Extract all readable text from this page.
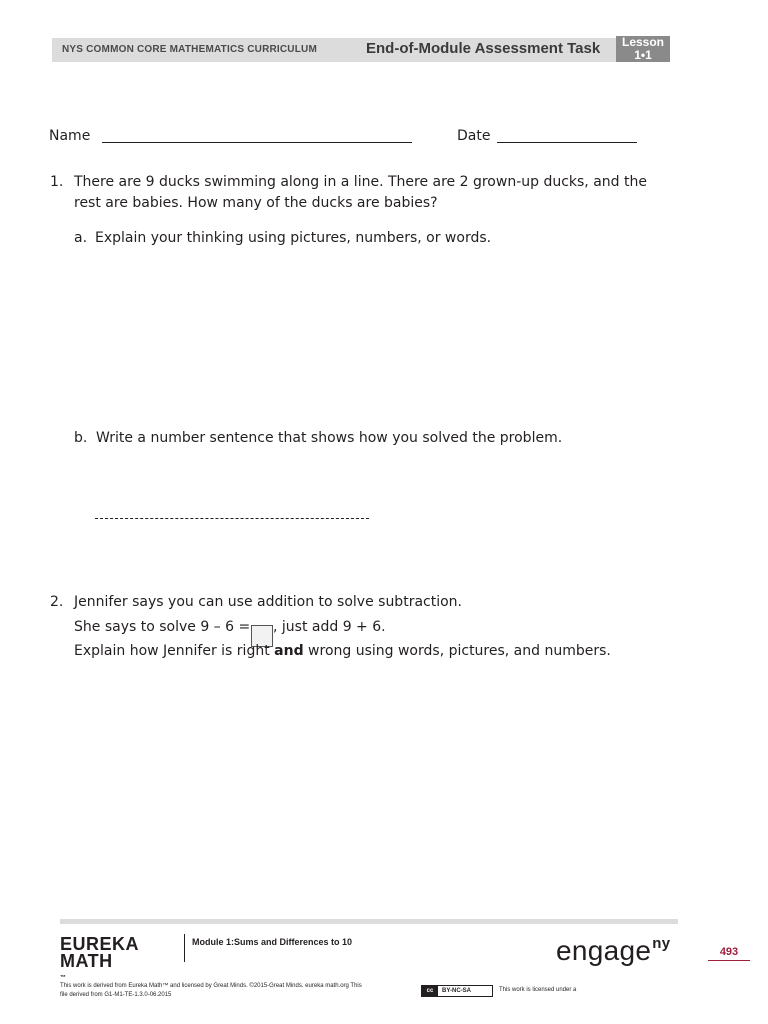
NYS COMMON CORE MATHEMATICS CURRICULUM	End-of-Module Assessment Task	Lesson
1•1
Name	Date
1. There are 9 ducks swimming along in a line. There are 2 grown-up ducks, and the
rest are babies. How many of the ducks are babies?
a. Explain your thinking using pictures, numbers, or words.
b. Write a number sentence that shows how you solved the problem.
2. Jennifer says you can use addition to solve subtraction.
She says to solve 9 – 6 = , just add 9 + 6.
Explain how Jennifer is right and wrong using words, pictures, and numbers.
EUREKA
MATH
™
Module 1:Sums and Differences to 10	engage$^{ny}$	493
This work is derived from Eureka Math™ and licensed by Great Minds. ©2015-Great Minds. eureka math.org This file derived from G1-M1-TE-1.3.0-06.2015
cc	BY-NC-SA	This work is licensed under a
